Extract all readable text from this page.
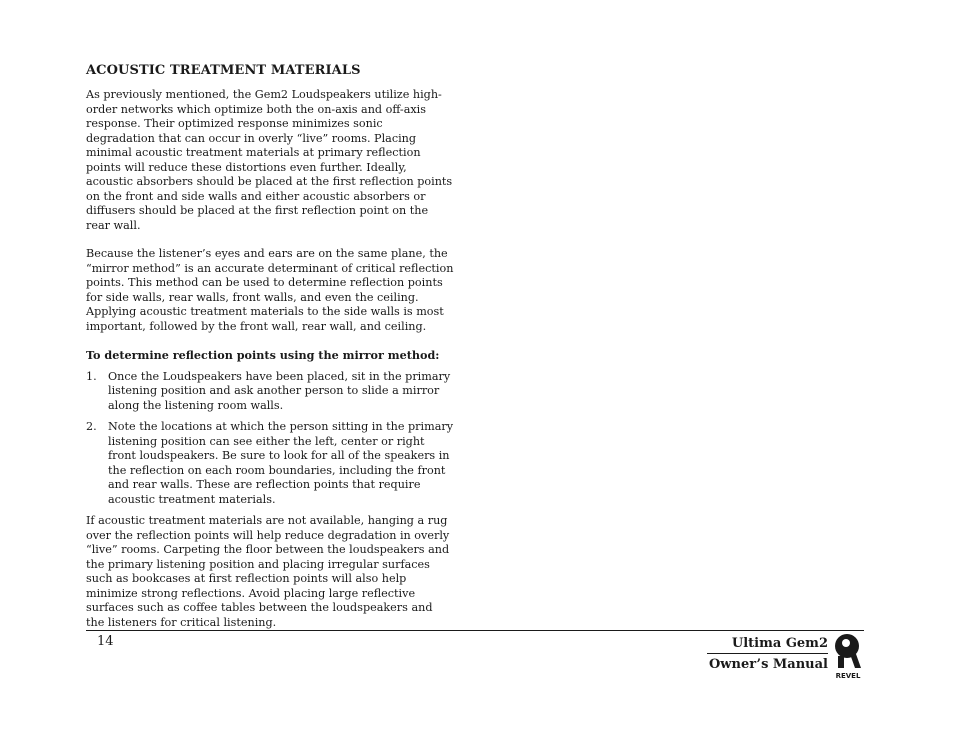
ACOUSTIC TREATMENT MATERIALS

As previously mentioned, the Gem2 Loudspeakers utilize high-order networks which optimize both the on-axis and off-axis response. Their optimized response minimizes sonic degradation that can occur in overly “live” rooms. Placing minimal acoustic treatment materials at primary reflection points will reduce these distortions even further. Ideally, acoustic absorbers should be placed at the first reflection points on the front and side walls and either acoustic absorbers or diffusers should be placed at the first reflection point on the rear wall.

Because the listener’s eyes and ears are on the same plane, the “mirror method” is an accurate determinant of critical reflection points. This method can be used to determine reflection points for side walls, rear walls, front walls, and even the ceiling. Applying acoustic treatment materials to the side walls is most important, followed by the front wall, rear wall, and ceiling.

To determine reflection points using the mirror method:

1.	Once the Loudspeakers have been placed, sit in the primary listening position and ask another person to slide a mirror along the listening room walls.
2.	Note the locations at which the person sitting in the primary listening position can see either the left, center or right front loudspeakers. Be sure to look for all of the speakers in the reflection on each room boundaries, including the front and rear walls. These are reflection points that require acoustic treatment materials.

If acoustic treatment materials are not available, hanging a rug over the reflection points will help reduce degradation in overly “live” rooms. Carpeting the floor between the loudspeakers and the primary listening position and placing irregular surfaces such as bookcases at first reflection points will also help minimize strong reflections. Avoid placing large reflective surfaces such as coffee tables between the loudspeakers and the listeners for critical listening.

14	Ultima Gem2
Owner’s Manual
REVEL
